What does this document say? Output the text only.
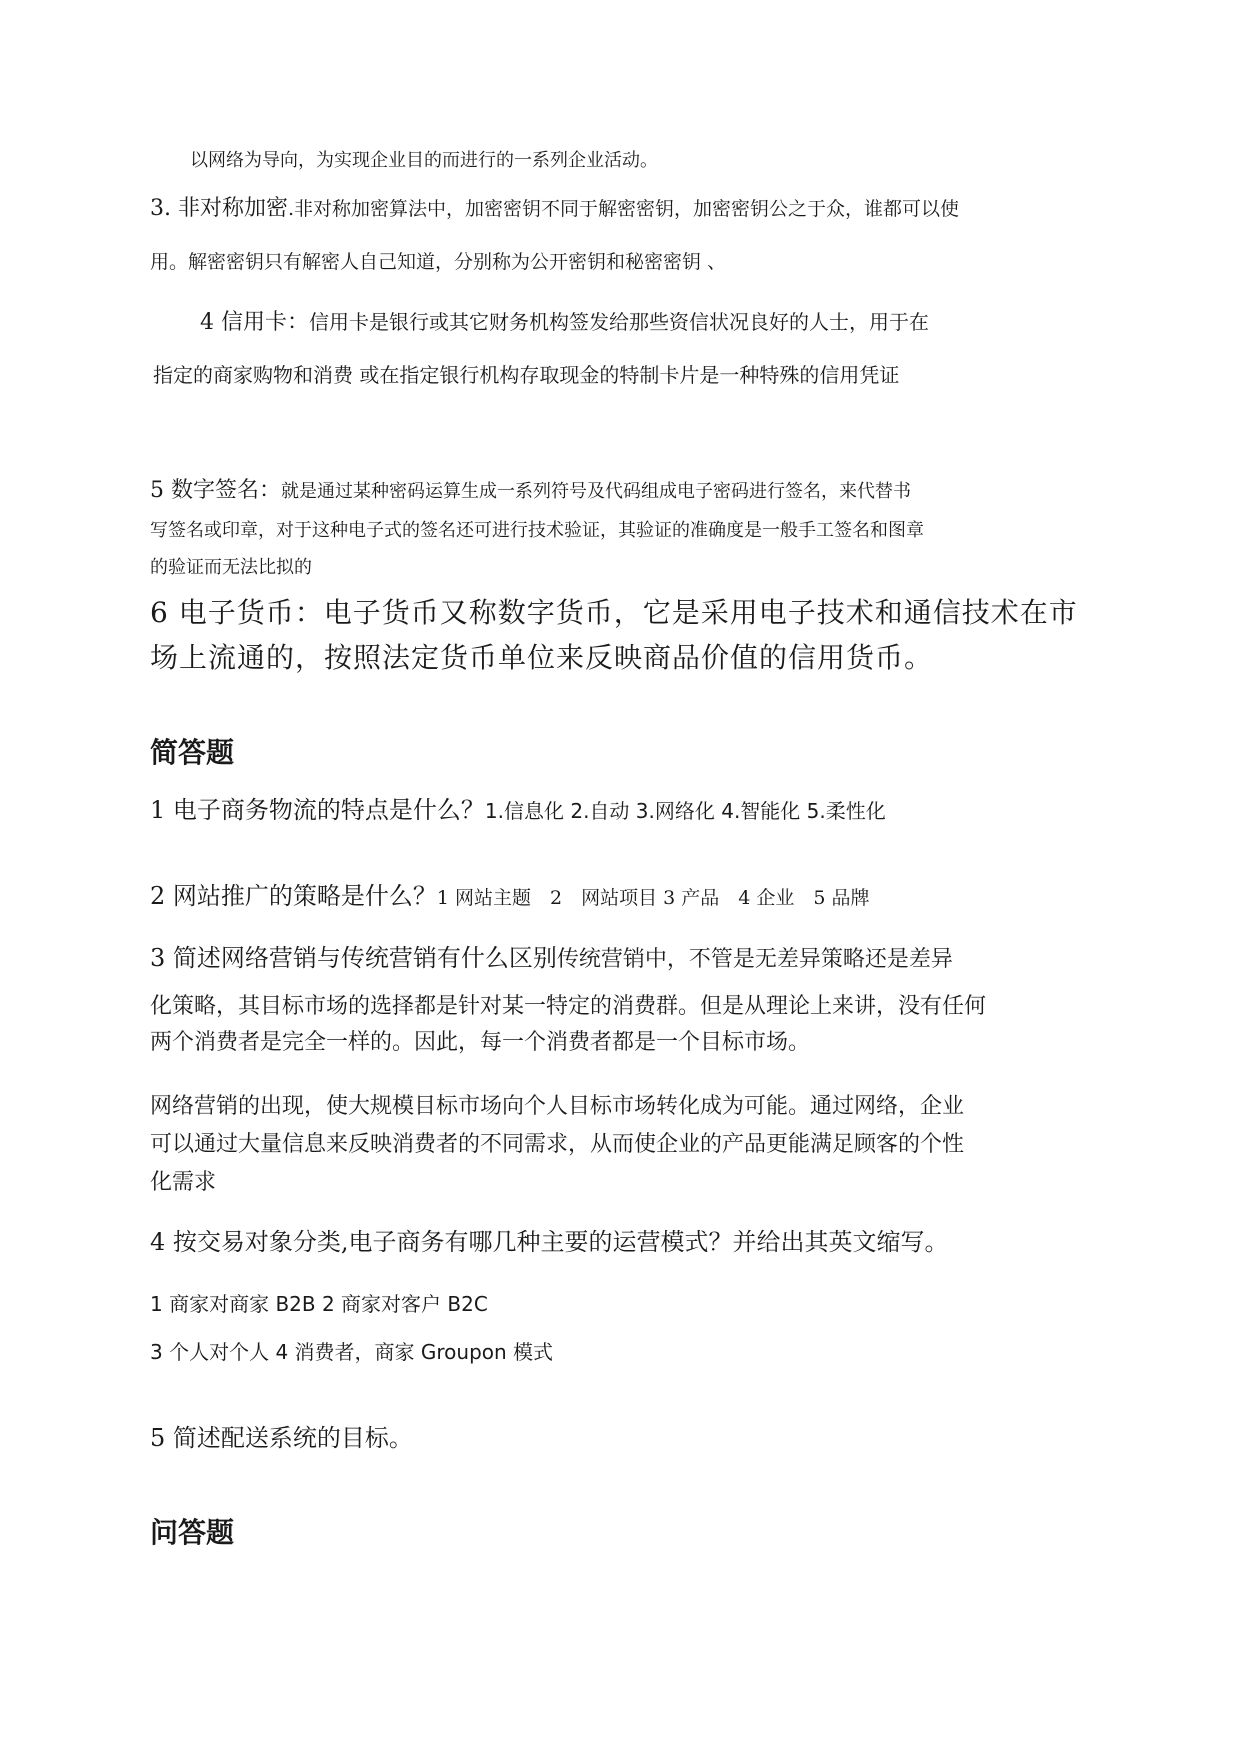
以网络为导向，为实现企业目的而进行的一系列企业活动。
3. 非对称加密.非对称加密算法中，加密密钥不同于解密密钥，加密密钥公之于众，谁都可以使
用。解密密钥只有解密人自己知道，分别称为公开密钥和秘密密钥 、
4 信用卡：信用卡是银行或其它财务机构签发给那些资信状况良好的人士，用于在
指定的商家购物和消费 或在指定银行机构存取现金的特制卡片是一种特殊的信用凭证
5 数字签名：就是通过某种密码运算生成一系列符号及代码组成电子密码进行签名，来代替书
写签名或印章，对于这种电子式的签名还可进行技术验证，其验证的准确度是一般手工签名和图章
的验证而无法比拟的
6 电子货币：电子货币又称数字货币，它是采用电子技术和通信技术在市
场上流通的，按照法定货币单位来反映商品价值的信用货币。
简答题
1 电子商务物流的特点是什么？1.信息化 2.自动 3.网络化 4.智能化 5.柔性化
2 网站推广的策略是什么？1 网站主题　2　网站项目 3 产品　4 企业　5 品牌
3 简述网络营销与传统营销有什么区别传统营销中，不管是无差异策略还是差异
化策略，其目标市场的选择都是针对某一特定的消费群。但是从理论上来讲，没有任何
两个消费者是完全一样的。因此，每一个消费者都是一个目标市场。
网络营销的出现，使大规模目标市场向个人目标市场转化成为可能。通过网络，企业
可以通过大量信息来反映消费者的不同需求，从而使企业的产品更能满足顾客的个性
化需求
4 按交易对象分类,电子商务有哪几种主要的运营模式？并给出其英文缩写。
1 商家对商家 B2B 2 商家对客户 B2C
3 个人对个人 4 消费者，商家 Groupon 模式
5 简述配送系统的目标。
问答题
